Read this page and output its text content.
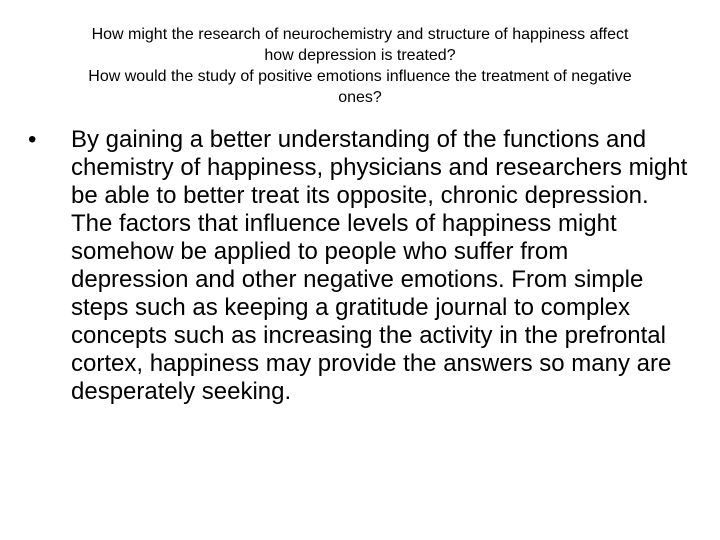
How might the research of neurochemistry and structure of happiness affect
how depression is treated?
How would the study of positive emotions influence the treatment of negative
ones?
•	By gaining a better understanding of the functions and chemistry of happiness, physicians and researchers might be able to better treat its opposite, chronic depression. The factors that influence levels of happiness might somehow be applied to people who suffer from depression and other negative emotions. From simple steps such as keeping a gratitude journal to complex concepts such as increasing the activity in the prefrontal cortex, happiness may provide the answers so many are desperately seeking.
